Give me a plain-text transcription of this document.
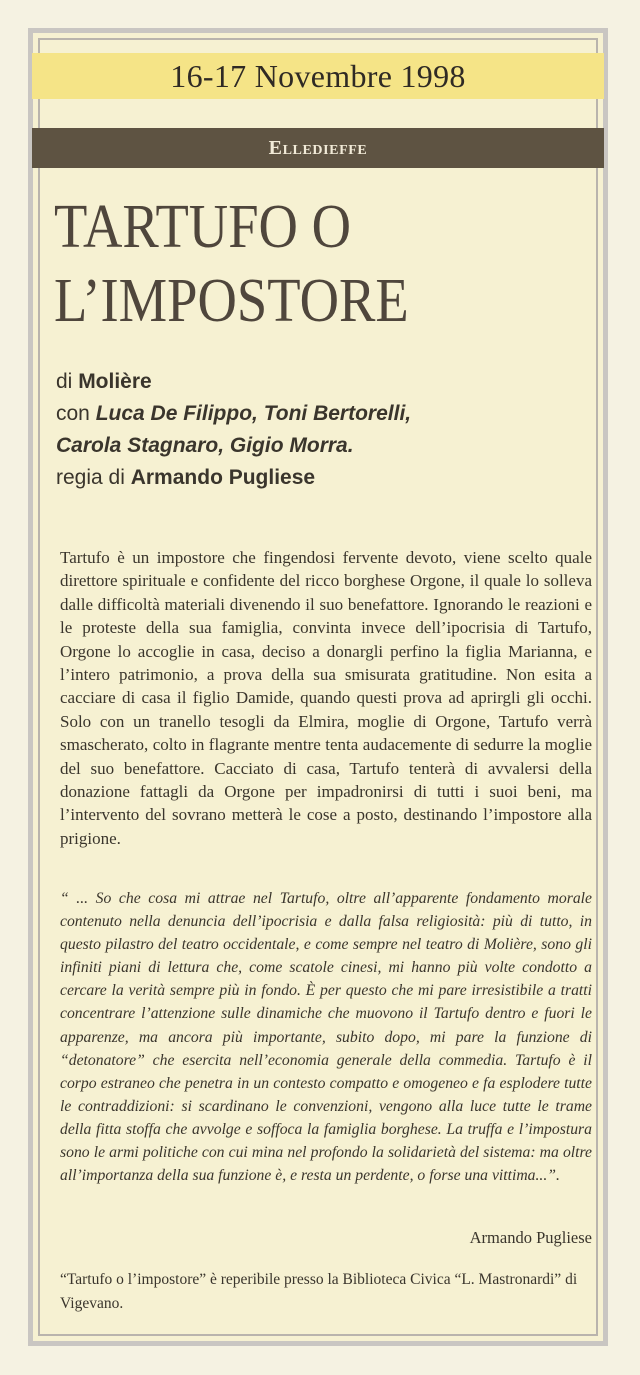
16-17 Novembre 1998
Elledieffe
TARTUFO O
L’IMPOSTORE
di Molière
con Luca De Filippo, Toni Bertorelli,
Carola Stagnaro, Gigio Morra.
regia di Armando Pugliese
Tartufo è un impostore che fingendosi fervente devoto, viene scelto quale direttore spirituale e confidente del ricco borghese Orgone, il quale lo solleva dalle difficoltà materiali divenendo il suo benefattore. Ignorando le reazioni e le proteste della sua famiglia, convinta invece dell’ipocrisia di Tartufo, Orgone lo accoglie in casa, deciso a donargli perfino la figlia Marianna, e l’intero patrimonio, a prova della sua smisurata gratitudine. Non esita a cacciare di casa il figlio Damide, quando questi prova ad aprirgli gli occhi. Solo con un tranello tesogli da Elmira, moglie di Orgone, Tartufo verrà smascherato, colto in flagrante mentre tenta audacemente di sedurre la moglie del suo benefattore. Cacciato di casa, Tartufo tenterà di avvalersi della donazione fattagli da Orgone per impadronirsi di tutti i suoi beni, ma l’intervento del sovrano metterà le cose a posto, destinando l’impostore alla prigione.
“ ... So che cosa mi attrae nel Tartufo, oltre all’apparente fondamento morale contenuto nella denuncia dell’ipocrisia e dalla falsa religiosità: più di tutto, in questo pilastro del teatro occidentale, e come sempre nel teatro di Molière, sono gli infiniti piani di lettura che, come scatole cinesi, mi hanno più volte condotto a cercare la verità sempre più in fondo. È per questo che mi pare irresistibile a tratti concentrare l’attenzione sulle dinamiche che muovono il Tartufo dentro e fuori le apparenze, ma ancora più importante, subito dopo, mi pare la funzione di “detonatore” che esercita nell’economia generale della commedia. Tartufo è il corpo estraneo che penetra in un contesto compatto e omogeneo e fa esplodere tutte le contraddizioni: si scardinano le convenzioni, vengono alla luce tutte le trame della fitta stoffa che avvolge e soffoca la famiglia borghese. La truffa e l’impostura sono le armi politiche con cui mina nel profondo la solidarietà del sistema: ma oltre all’importanza della sua funzione è, e resta un perdente, o forse una vittima...”.
Armando Pugliese
“Tartufo o l’impostore” è reperibile presso la Biblioteca Civica “L. Mastronardi” di Vigevano.
